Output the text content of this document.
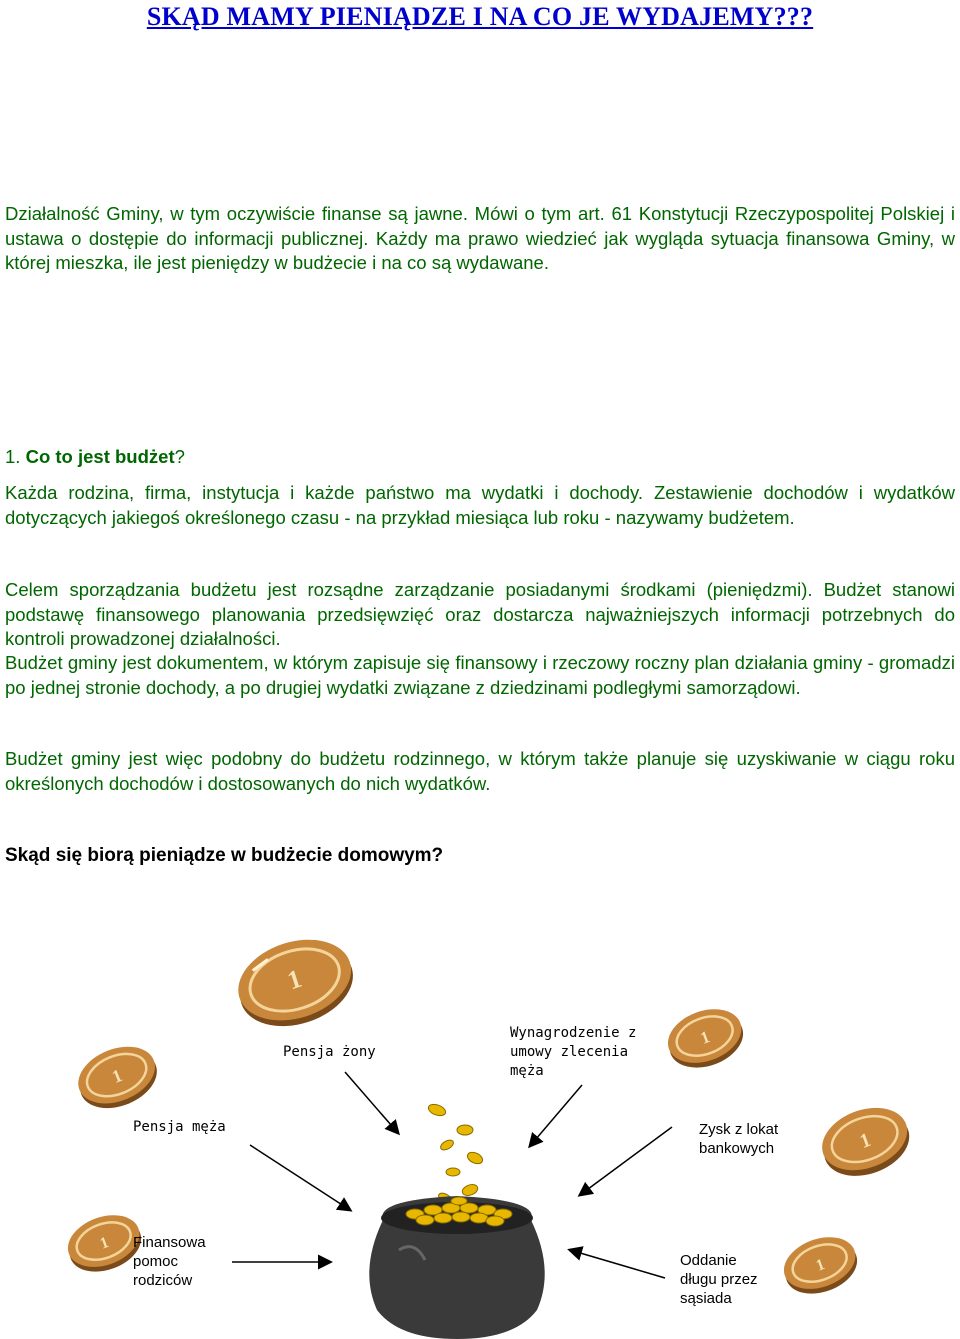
SKĄD MAMY PIENIĄDZE I NA CO JE WYDAJEMY???

Działalność Gminy, w tym oczywiście finanse są jawne. Mówi o tym art. 61 Konstytucji Rzeczypospolitej Polskiej i ustawa o dostępie do informacji publicznej. Każdy ma prawo wiedzieć jak wygląda sytuacja finansowa Gminy, w której mieszka, ile jest pieniędzy w budżecie i na co są wydawane.

1. Co to jest budżet?

Każda rodzina, firma, instytucja i każde państwo ma wydatki i dochody. Zestawienie dochodów i wydatków dotyczących jakiegoś określonego czasu - na przykład miesiąca lub roku - nazywamy budżetem.

Celem sporządzania budżetu jest rozsądne zarządzanie posiadanymi środkami (pieniędzmi). Budżet stanowi podstawę finansowego planowania przedsięwzięć oraz dostarcza najważniejszych informacji potrzebnych do kontroli prowadzonej działalności.

Budżet gminy jest dokumentem, w którym zapisuje się finansowy i rzeczowy roczny plan działania gminy - gromadzi po jednej stronie dochody, a po drugiej wydatki związane z dziedzinami podległymi samorządowi.

Budżet gminy jest więc podobny do budżetu rodzinnego, w którym także planuje się uzyskiwanie w ciągu roku określonych dochodów i dostosowanych do nich wydatków.

Skąd się biorą pieniądze w budżecie domowym?
1
1
1
1
1
1
Pensja żony
Wynagrodzenie z umowy zlecenia męża
Pensja męża	Zysk z lokat bankowych
Finansowa pomoc rodziców
Oddanie długu przez sąsiada
